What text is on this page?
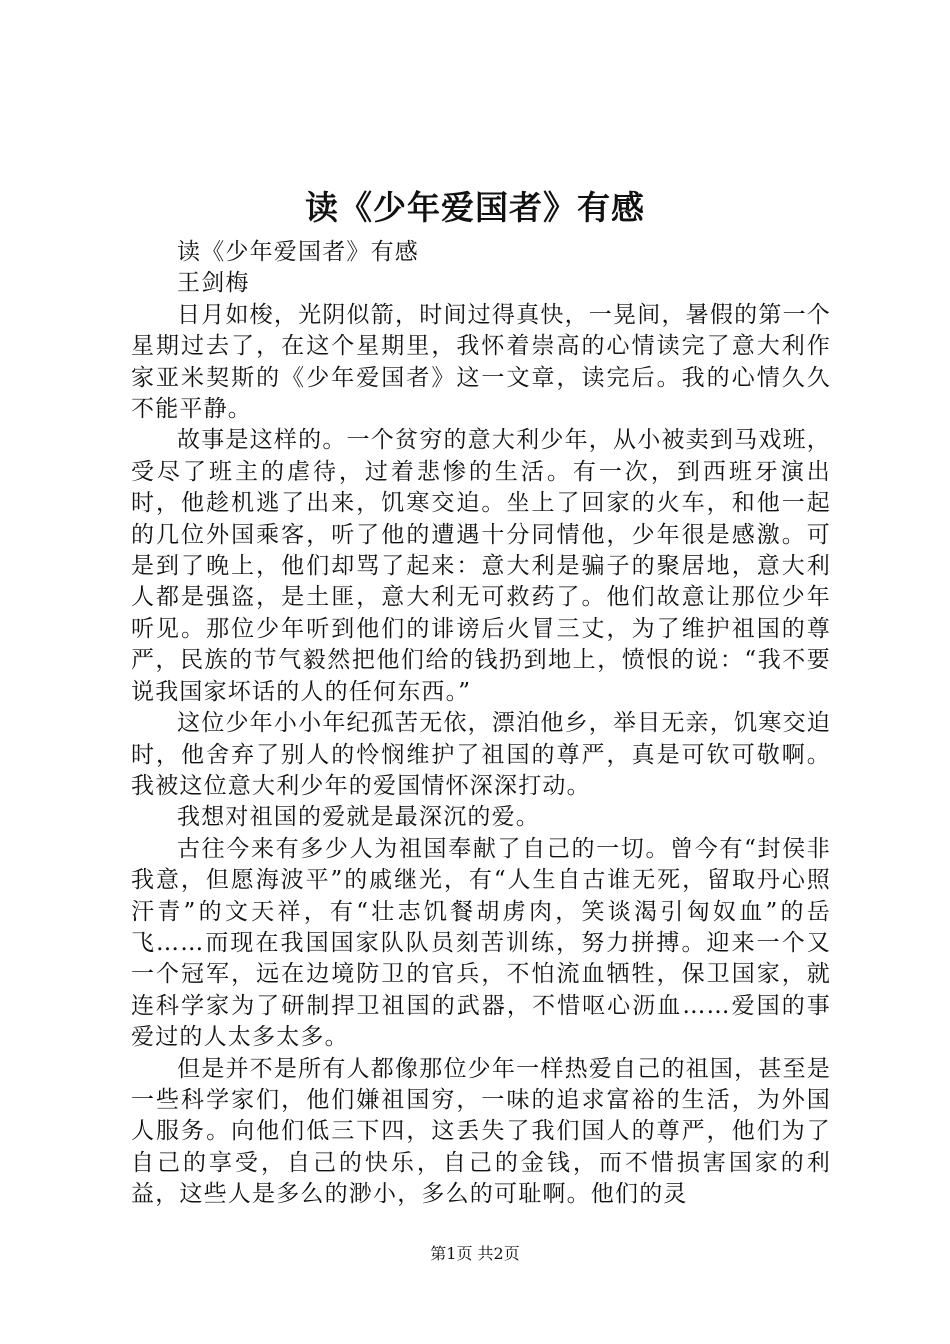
读《少年爱国者》有感

读《少年爱国者》有感

王剑梅

日月如梭，光阴似箭，时间过得真快，一晃间，暑假的第一个星期过去了，在这个星期里，我怀着崇高的心情读完了意大利作家亚米契斯的《少年爱国者》这一文章，读完后。我的心情久久不能平静。

故事是这样的。一个贫穷的意大利少年，从小被卖到马戏班，受尽了班主的虐待，过着悲惨的生活。有一次，到西班牙演出时，他趁机逃了出来，饥寒交迫。坐上了回家的火车，和他一起的几位外国乘客，听了他的遭遇十分同情他，少年很是感激。可是到了晚上，他们却骂了起来：意大利是骗子的聚居地，意大利人都是强盗，是土匪，意大利无可救药了。他们故意让那位少年听见。那位少年听到他们的诽谤后火冒三丈，为了维护祖国的尊严，民族的节气毅然把他们给的钱扔到地上，愤恨的说：“我不要说我国家坏话的人的任何东西。”

这位少年小小年纪孤苦无依，漂泊他乡，举目无亲，饥寒交迫时，他舍弃了别人的怜悯维护了祖国的尊严，真是可钦可敬啊。我被这位意大利少年的爱国情怀深深打动。

我想对祖国的爱就是最深沉的爱。

古往今来有多少人为祖国奉献了自己的一切。曾今有“封侯非我意，但愿海波平”的戚继光，有“人生自古谁无死，留取丹心照汗青”的文天祥，有“壮志饥餐胡虏肉，笑谈渴引匈奴血”的岳飞……而现在我国国家队队员刻苦训练，努力拼搏。迎来一个又一个冠军，远在边境防卫的官兵，不怕流血牺牲，保卫国家，就连科学家为了研制捍卫祖国的武器，不惜呕心沥血……爱国的事爱过的人太多太多。

但是并不是所有人都像那位少年一样热爱自己的祖国，甚至是一些科学家们，他们嫌祖国穷，一味的追求富裕的生活，为外国人服务。向他们低三下四，这丢失了我们国人的尊严，他们为了自己的享受，自己的快乐，自己的金钱，而不惜损害国家的利益，这些人是多么的渺小，多么的可耻啊。他们的灵

第1页 共2页
